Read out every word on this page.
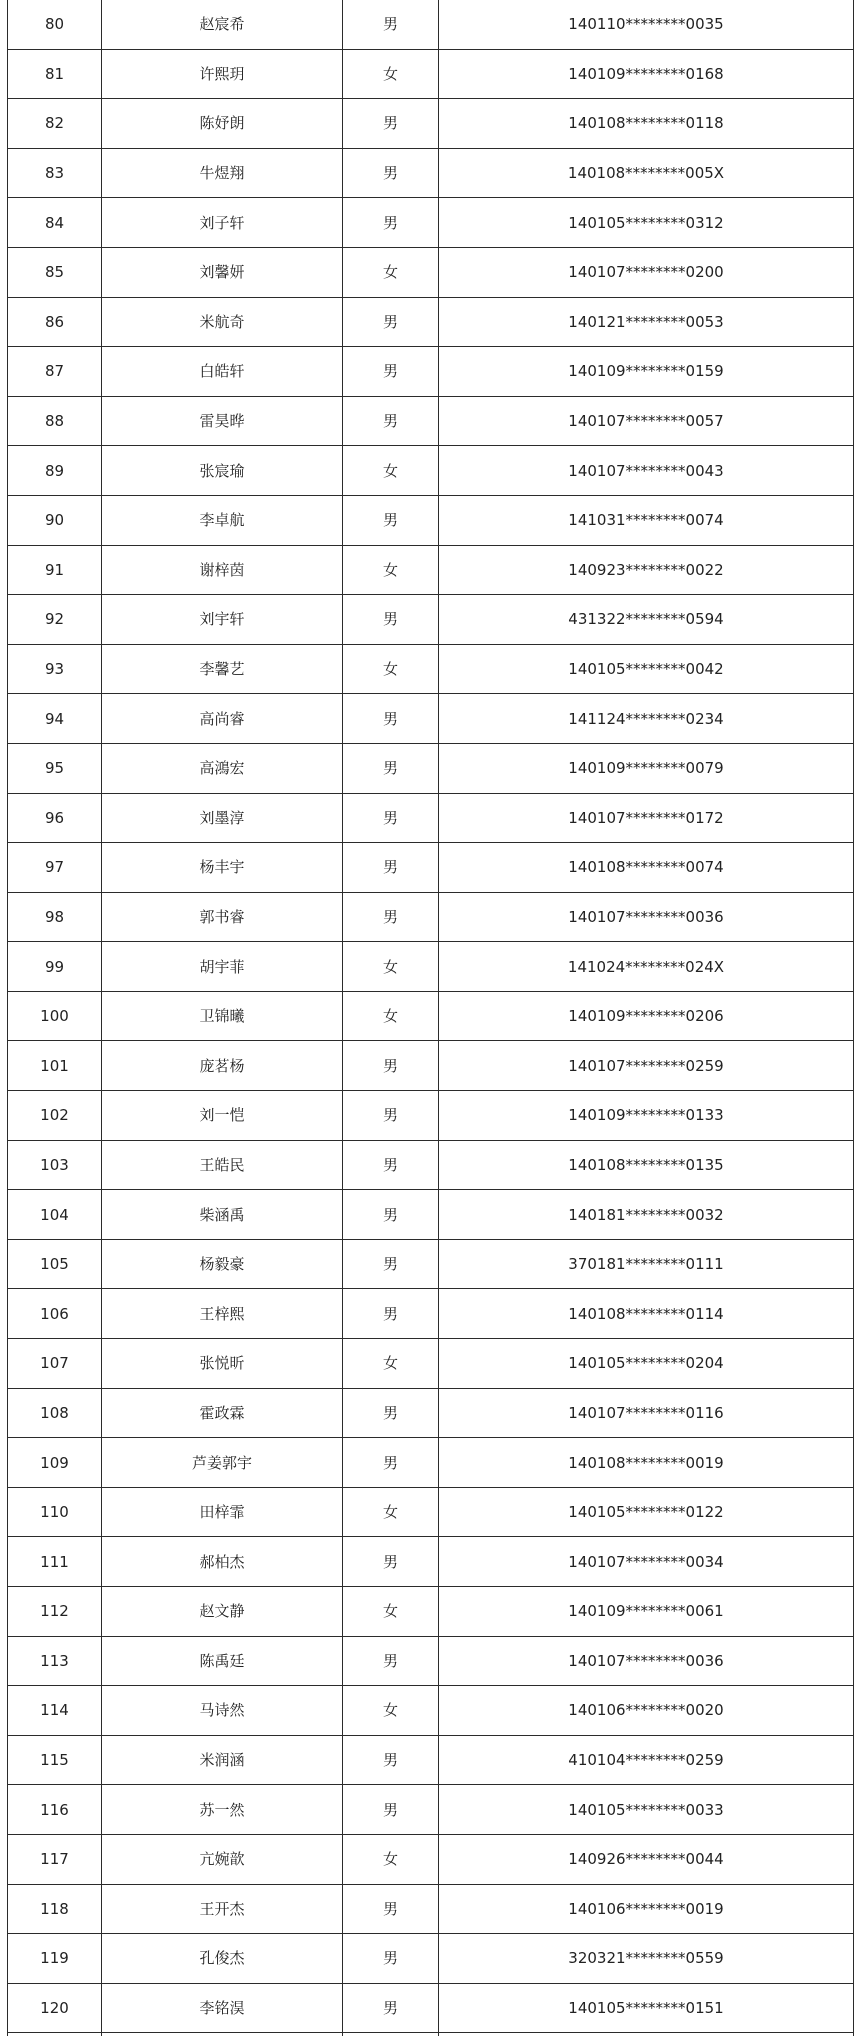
80	赵宸希	男	140110********0035
81	许熙玥	女	140109********0168
82	陈妤朗	男	140108********0118
83	牛煜翔	男	140108********005X
84	刘子轩	男	140105********0312
85	刘馨妍	女	140107********0200
86	米航奇	男	140121********0053
87	白皓轩	男	140109********0159
88	雷昊晔	男	140107********0057
89	张宸瑜	女	140107********0043
90	李卓航	男	141031********0074
91	谢梓茵	女	140923********0022
92	刘宇轩	男	431322********0594
93	李馨艺	女	140105********0042
94	高尚睿	男	141124********0234
95	高鴻宏	男	140109********0079
96	刘墨淳	男	140107********0172
97	杨丰宇	男	140108********0074
98	郭书睿	男	140107********0036
99	胡宇菲	女	141024********024X
100	卫锦曦	女	140109********0206
101	庞茗杨	男	140107********0259
102	刘一恺	男	140109********0133
103	王皓民	男	140108********0135
104	柴涵禹	男	140181********0032
105	杨毅豪	男	370181********0111
106	王梓熙	男	140108********0114
107	张悦昕	女	140105********0204
108	霍政霖	男	140107********0116
109	芦姜郭宇	男	140108********0019
110	田梓霏	女	140105********0122
111	郝柏杰	男	140107********0034
112	赵文静	女	140109********0061
113	陈禹廷	男	140107********0036
114	马诗然	女	140106********0020
115	米润涵	男	410104********0259
116	苏一然	男	140105********0033
117	亢婉歆	女	140926********0044
118	王开杰	男	140106********0019
119	孔俊杰	男	320321********0559
120	李铭淏	男	140105********0151
